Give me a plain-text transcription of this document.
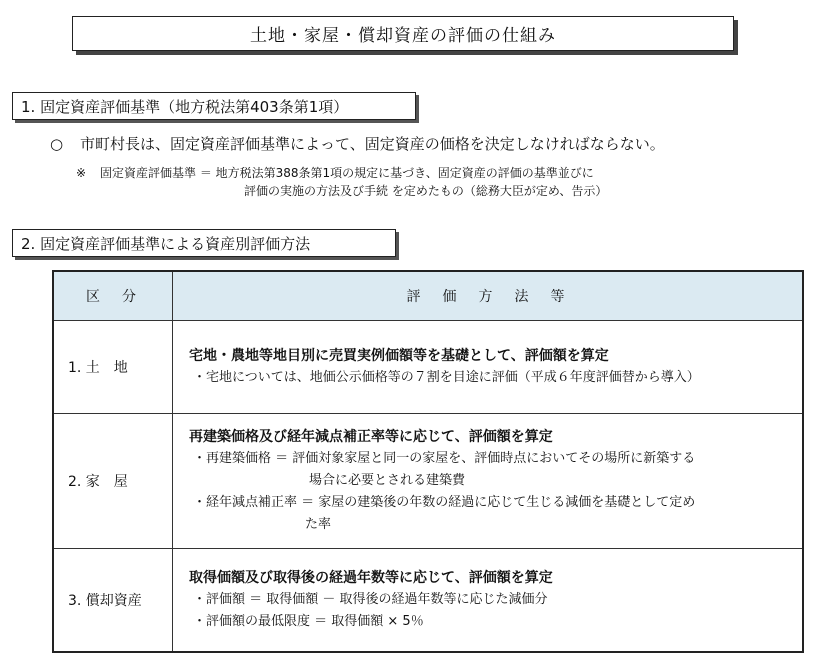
土地・家屋・償却資産の評価の仕組み
1. 固定資産評価基準（地方税法第403条第1項）
○ 市町村長は、固定資産評価基準によって、固定資産の価格を決定しなければならない。
※ 固定資産評価基準 ＝ 地方税法第388条第1項の規定に基づき、固定資産の評価の基準並びに
評価の実施の方法及び手続 を定めたもの（総務大臣が定め、告示）
2. 固定資産評価基準による資産別評価方法
区　分	評　価　方　法　等
1. 土　地	宅地・農地等地目別に売買実例価額等を基礎として、評価額を算定
・宅地については、地価公示価格等の７割を目途に評価（平成６年度評価替から導入）

2. 家　屋	再建築価格及び経年減点補正率等に応じて、評価額を算定
・再建築価格 ＝ 評価対象家屋と同一の家屋を、評価時点においてその場所に新築する
場合に必要とされる建築費
・経年減点補正率 ＝ 家屋の建築後の年数の経過に応じて生じる減価を基礎として定め
た率

3. 償却資産	取得価額及び取得後の経過年数等に応じて、評価額を算定
・評価額 ＝ 取得価額 － 取得後の経過年数等に応じた減価分
・評価額の最低限度 ＝ 取得価額 × 5％
